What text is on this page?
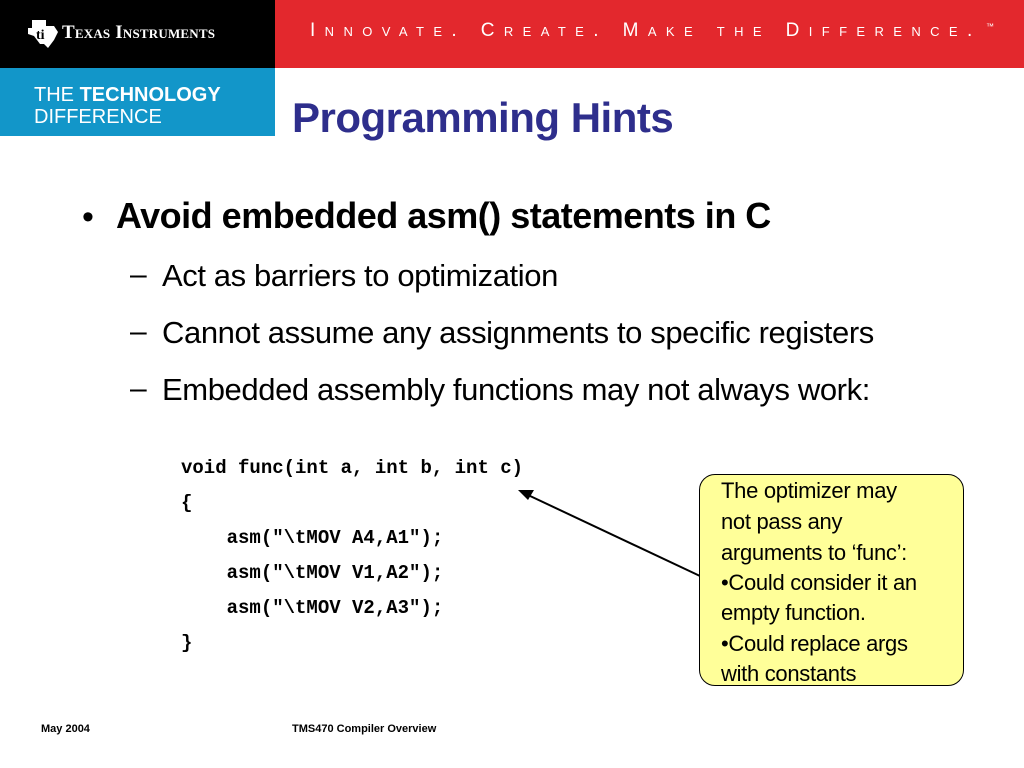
ti Texas Instruments	Innovate. Create. Make the Difference. ™
THE TECHNOLOGY
DIFFERENCE	Programming Hints
• Avoid embedded asm() statements in C
– Act as barriers to optimization
– Cannot assume any assignments to specific registers
– Embedded assembly functions may not always work:
void func(int a, int b, int c)
{
asm("\tMOV A4,A1");
asm("\tMOV V1,A2");
asm("\tMOV V2,A3");
}
The optimizer may
not pass any
arguments to ‘func’:
•Could consider it an
empty function.
•Could replace args
with constants
May 2004	TMS470 Compiler Overview
